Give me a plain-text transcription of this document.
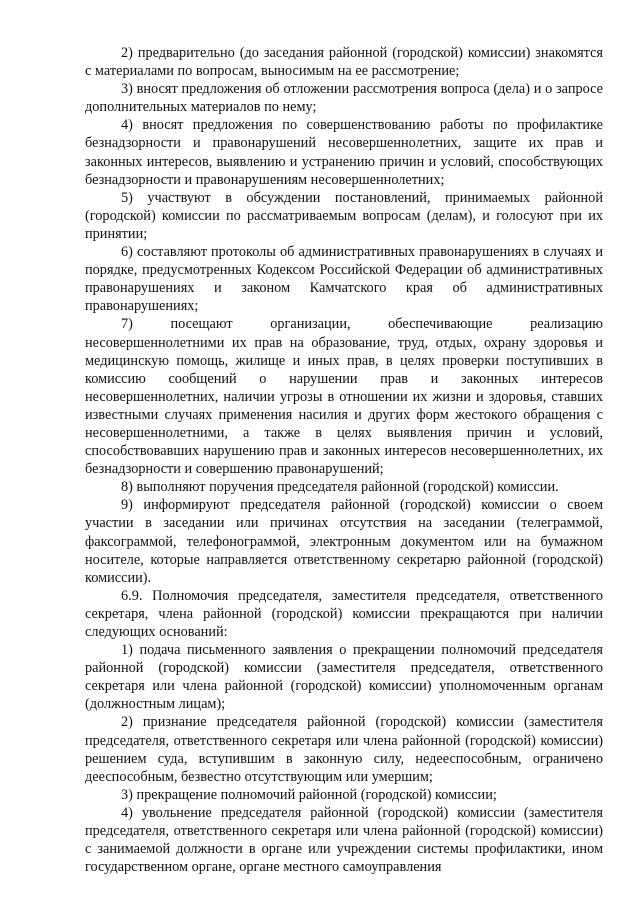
2) предварительно (до заседания районной (городской) комиссии) знакомятся с материалами по вопросам, выносимым на ее рассмотрение;

3) вносят предложения об отложении рассмотрения вопроса (дела) и о запросе дополнительных материалов по нему;

4) вносят предложения по совершенствованию работы по профилактике безнадзорности и правонарушений несовершеннолетних, защите их прав и законных интересов, выявлению и устранению причин и условий, способствующих безнадзорности и правонарушениям несовершеннолетних;

5) участвуют в обсуждении постановлений, принимаемых районной (городской) комиссии по рассматриваемым вопросам (делам), и голосуют при их принятии;

6) составляют протоколы об административных правонарушениях в случаях и порядке, предусмотренных Кодексом Российской Федерации об административных правонарушениях и законом Камчатского края об административных правонарушениях;

7) посещают организации, обеспечивающие реализацию несовершеннолетними их прав на образование, труд, отдых, охрану здоровья и медицинскую помощь, жилище и иных прав, в целях проверки поступивших в комиссию сообщений о нарушении прав и законных интересов несовершеннолетних, наличии угрозы в отношении их жизни и здоровья, ставших известными случаях применения насилия и других форм жестокого обращения с несовершеннолетними, а также в целях выявления причин и условий, способствовавших нарушению прав и законных интересов несовершеннолетних, их безнадзорности и совершению правонарушений;

8) выполняют поручения председателя районной (городской) комиссии.

9) информируют председателя районной (городской) комиссии о своем участии в заседании или причинах отсутствия на заседании (телеграммой, факсограммой, телефонограммой, электронным документом или на бумажном носителе, которые направляется ответственному секретарю районной (городской) комиссии).

6.9. Полномочия председателя, заместителя председателя, ответственного секретаря, члена районной (городской) комиссии прекращаются при наличии следующих оснований:

1) подача письменного заявления о прекращении полномочий председателя районной (городской) комиссии (заместителя председателя, ответственного секретаря или члена районной (городской) комиссии) уполномоченным органам (должностным лицам);

2) признание председателя районной (городской) комиссии (заместителя председателя, ответственного секретаря или члена районной (городской) комиссии) решением суда, вступившим в законную силу, недееспособным, ограничено дееспособным, безвестно отсутствующим или умершим;

3) прекращение полномочий районной (городской) комиссии;

4) увольнение председателя районной (городской) комиссии (заместителя председателя, ответственного секретаря или члена районной (городской) комиссии) с занимаемой должности в органе или учреждении системы профилактики, ином государственном органе, органе местного самоуправления
